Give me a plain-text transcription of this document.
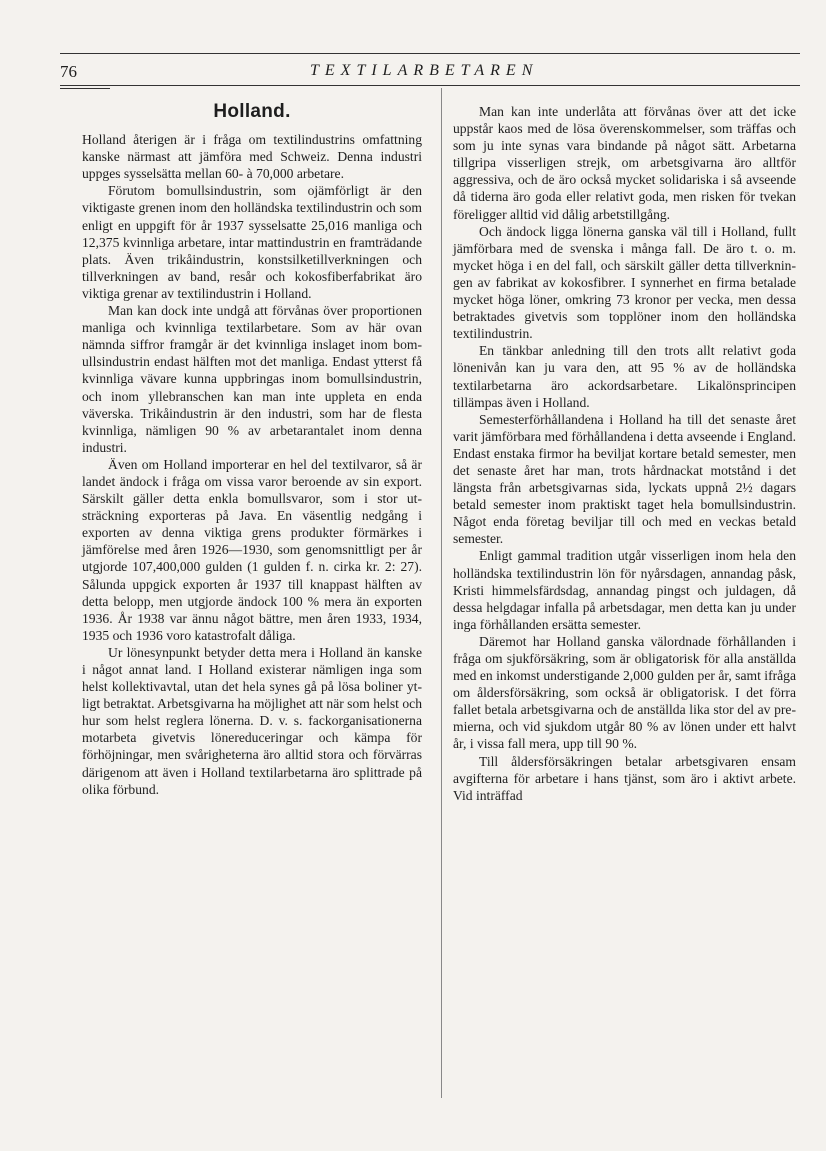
76	TEXTILARBETAREN
Holland.

Holland återigen är i fråga om textilindustrins omfattning kanske närmast att jämföra med Schweiz. Denna industri uppges sysselsätta mellan 60- à 70,000 arbetare.

Förutom bomullsindustrin, som ojämförligt är den viktigaste grenen inom den holländska textilindustrin och som enligt en uppgift för år 1937 sysselsatte 25,016 manliga och 12,375 kvinnliga arbetare, intar mattindustrin en framträdande plats. Även trikåindustrin, konstsilketillverkningen och tillverkningen av band, resår och kokosfiberfabrikat äro viktiga grenar av textilindustrin i Holland.

Man kan dock inte undgå att förvånas över proportionen manliga och kvinnliga textilarbetare. Som av här ovan nämnda siffror framgår är det kvinnliga inslaget inom bomullsindustrin endast hälften mot det manliga. Endast ytterst få kvinnliga vävare kunna uppbringas inom bomullsindustrin, och inom yllebranschen kan man inte uppleta en enda väverska. Trikåindustrin är den industri, som har de flesta kvinnliga, nämligen 90 % av arbetarantalet inom denna industri.

Även om Holland importerar en hel del textilvaror, så är landet ändock i fråga om vissa varor beroende av sin export. Särskilt gäller detta enkla bomullsvaror, som i stor utsträckning exporteras på Java. En väsentlig nedgång i exporten av denna viktiga grens produkter förmärkes i jämförelse med åren 1926—1930, som genomsnittligt per år utgjorde 107,400,000 gulden (1 gulden f. n. cirka kr. 2: 27). Sålunda uppgick exporten år 1937 till knappast hälften av detta belopp, men utgjorde ändock 100 % mera än exporten 1936. År 1938 var ännu något bättre, men åren 1933, 1934, 1935 och 1936 voro katastrofalt dåliga.

Ur lönesynpunkt betyder detta mera i Holland än kanske i något annat land. I Holland existerar nämligen inga som helst kollektivavtal, utan det hela synes gå på lösa boliner ytligt betraktat. Arbetsgivarna ha möjlighet att när som helst och hur som helst reglera lönerna. D. v. s. fackorganisationerna motarbeta givetvis lönereduceringar och kämpa för förhöjningar, men svårigheterna äro alltid stora och förvärras därigenom att även i Holland textilarbetarna äro splittrade på olika förbund.

Man kan inte underlåta att förvånas över att det icke uppstår kaos med de lösa överenskommelser, som träffas och som ju inte synas vara bindande på något sätt. Arbetarna tillgripa visserligen strejk, om arbetsgivarna äro alltför aggressiva, och de äro också mycket solidariska i så avseende då tiderna äro goda eller relativt goda, men risken för tvekan föreligger alltid vid dålig arbetstillgång.

Och ändock ligga lönerna ganska väl till i Holland, fullt jämförbara med de svenska i många fall. De äro t. o. m. mycket höga i en del fall, och särskilt gäller detta tillverkningen av fabrikat av kokosfibrer. I synnerhet en firma betalade mycket höga löner, omkring 73 kronor per vecka, men dessa betraktades givetvis som topplöner inom den holländska textilindustrin.

En tänkbar anledning till den trots allt relativt goda lönenivån kan ju vara den, att 95 % av de holländska textilarbetarna äro ackordsarbetare. Likalönsprincipen tillämpas även i Holland.

Semesterförhållandena i Holland ha till det senaste året varit jämförbara med förhållandena i detta avseende i England. Endast enstaka firmor ha beviljat kortare betald semester, men det senaste året har man, trots hårdnackat motstånd i det längsta från arbetsgivarnas sida, lyckats uppnå 2½ dagars betald semester inom praktiskt taget hela bomullsindustrin. Något enda företag beviljar till och med en veckas betald semester.

Enligt gammal tradition utgår visserligen inom hela den holländska textilindustrin lön för nyårsdagen, annandag påsk, Kristi himmelsfärdsdag, annandag pingst och juldagen, då dessa helgdagar infalla på arbetsdagar, men detta kan ju under inga förhållanden ersätta semester.

Däremot har Holland ganska välordnade förhållanden i fråga om sjukförsäkring, som är obligatorisk för alla anställda med en inkomst understigande 2,000 gulden per år, samt ifråga om åldersförsäkring, som också är obligatorisk. I det förra fallet betala arbetsgivarna och de anställda lika stor del av premierna, och vid sjukdom utgår 80 % av lönen under ett halvt år, i vissa fall mera, upp till 90 %.

Till åldersförsäkringen betalar arbetsgivaren ensam avgifterna för arbetare i hans tjänst, som äro i aktivt arbete. Vid inträffad
